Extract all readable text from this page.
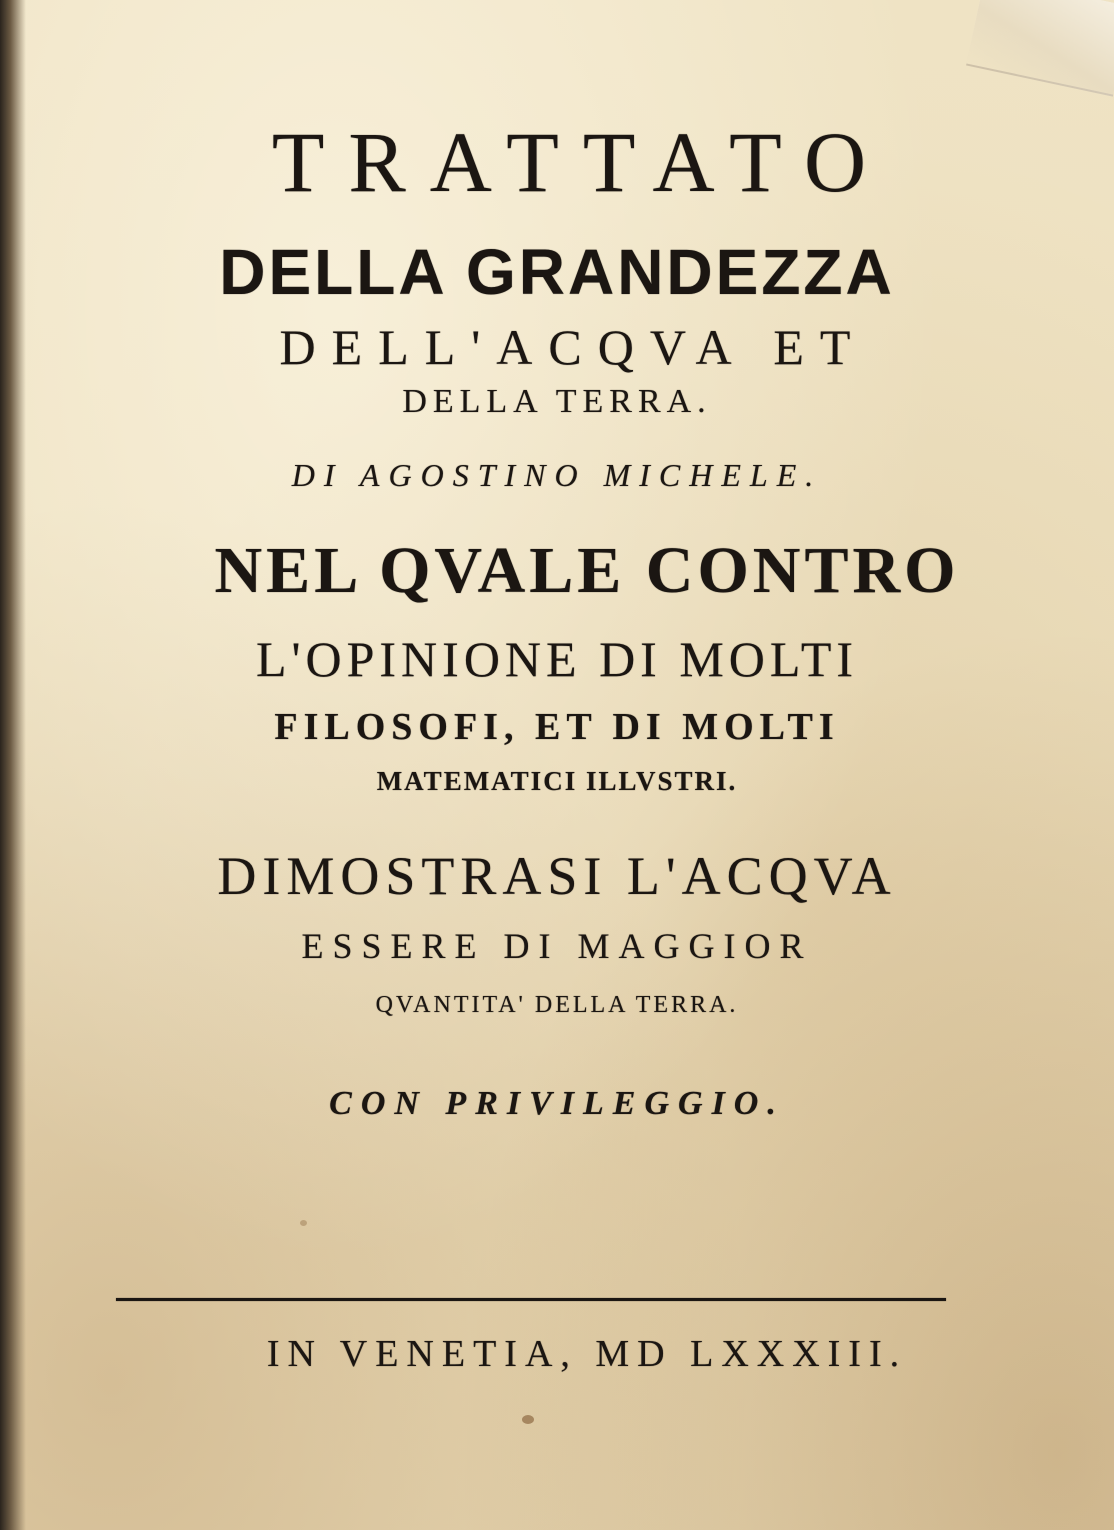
TRATTATO
DELLA GRANDEZZA
DELL'ACQVA ET
DELLA TERRA.
DI AGOSTINO MICHELE.
NEL QVALE CONTRO
L'OPINIONE DI MOLTI
FILOSOFI, ET DI MOLTI
MATEMATICI ILLVSTRI.
DIMOSTRASI L'ACQVA
ESSERE DI MAGGIOR
QVANTITA' DELLA TERRA.
CON PRIVILEGGIO.
IN VENETIA, MD LXXXIII.
